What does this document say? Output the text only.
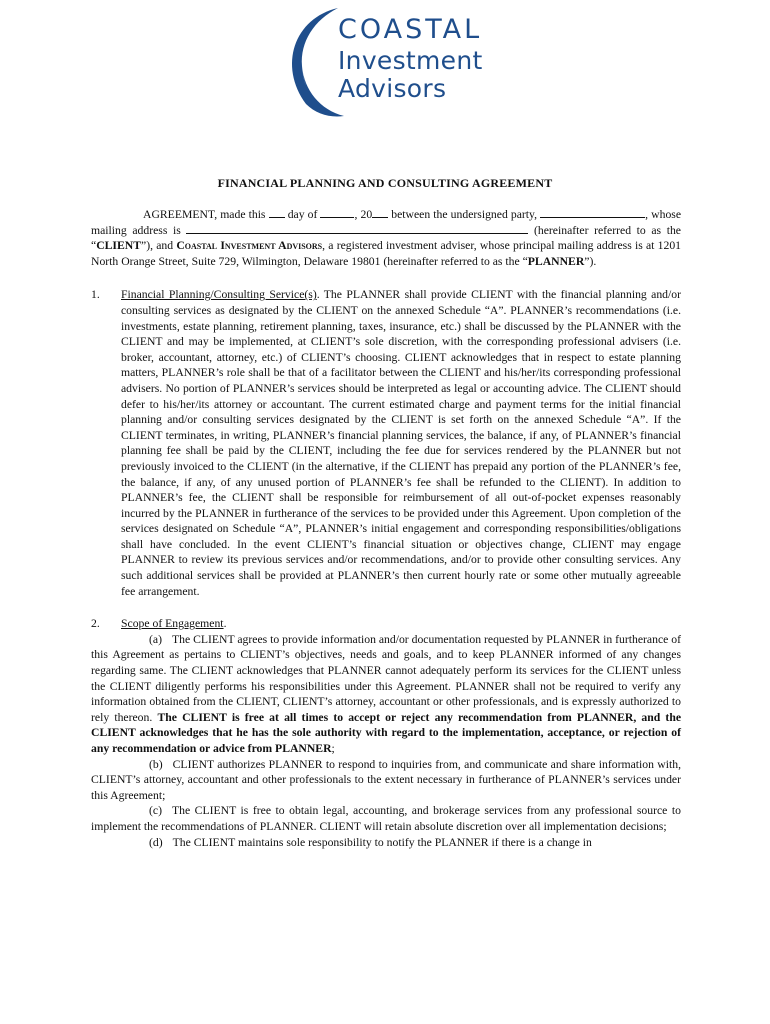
COASTAL
Investment
Advisors
FINANCIAL PLANNING AND CONSULTING AGREEMENT

AGREEMENT, made this day of	, 20 between the undersigned party,	, whose mailing address is	(hereinafter referred to as the “CLIENT”), and Coastal Investment Advisors, a registered investment adviser, whose principal mailing address is at 1201 North Orange Street, Suite 729, Wilmington, Delaware 19801 (hereinafter referred to as the “PLANNER”).

1. Financial Planning/Consulting Service(s). The PLANNER shall provide CLIENT with the financial planning and/or consulting services as designated by the CLIENT on the annexed Schedule “A”. PLANNER’s recommendations (i.e. investments, estate planning, retirement planning, taxes, insurance, etc.) shall be discussed by the PLANNER with the CLIENT and may be implemented, at CLIENT’s sole discretion, with the corresponding professional advisers (i.e. broker, accountant, attorney, etc.) of CLIENT’s choosing. CLIENT acknowledges that in respect to estate planning matters, PLANNER’s role shall be that of a facilitator between the CLIENT and his/her/its corresponding professional advisers. No portion of PLANNER’s services should be interpreted as legal or accounting advice. The CLIENT should defer to his/her/its attorney or accountant. The current estimated charge and payment terms for the initial financial planning and/or consulting services designated by the CLIENT is set forth on the annexed Schedule “A”. If the CLIENT terminates, in writing, PLANNER’s financial planning services, the balance, if any, of PLANNER’s financial planning fee shall be paid by the CLIENT, including the fee due for services rendered by the PLANNER but not previously invoiced to the CLIENT (in the alternative, if the CLIENT has prepaid any portion of the PLANNER’s fee, the balance, if any, of any unused portion of PLANNER’s fee shall be refunded to the CLIENT). In addition to PLANNER’s fee, the CLIENT shall be responsible for reimbursement of all out-of-pocket expenses reasonably incurred by the PLANNER in furtherance of the services to be provided under this Agreement. Upon completion of the services designated on Schedule “A”, PLANNER’s initial engagement and corresponding responsibilities/obligations shall have concluded. In the event CLIENT’s financial situation or objectives change, CLIENT may engage PLANNER to review its previous services and/or recommendations, and/or to provide other consulting services. Any such additional services shall be provided at PLANNER’s then current hourly rate or some other mutually agreeable fee arrangement.

2. Scope of Engagement.

(a) The CLIENT agrees to provide information and/or documentation requested by PLANNER in furtherance of this Agreement as pertains to CLIENT’s objectives, needs and goals, and to keep PLANNER informed of any changes regarding same. The CLIENT acknowledges that PLANNER cannot adequately perform its services for the CLIENT unless the CLIENT diligently performs his responsibilities under this Agreement. PLANNER shall not be required to verify any information obtained from the CLIENT, CLIENT’s attorney, accountant or other professionals, and is expressly authorized to rely thereon. The CLIENT is free at all times to accept or reject any recommendation from PLANNER, and the CLIENT acknowledges that he has the sole authority with regard to the implementation, acceptance, or rejection of any recommendation or advice from PLANNER;

(b) CLIENT authorizes PLANNER to respond to inquiries from, and communicate and share information with, CLIENT’s attorney, accountant and other professionals to the extent necessary in furtherance of PLANNER’s services under this Agreement;

(c) The CLIENT is free to obtain legal, accounting, and brokerage services from any professional source to implement the recommendations of PLANNER. CLIENT will retain absolute discretion over all implementation decisions;

(d) The CLIENT maintains sole responsibility to notify the PLANNER if there is a change in
